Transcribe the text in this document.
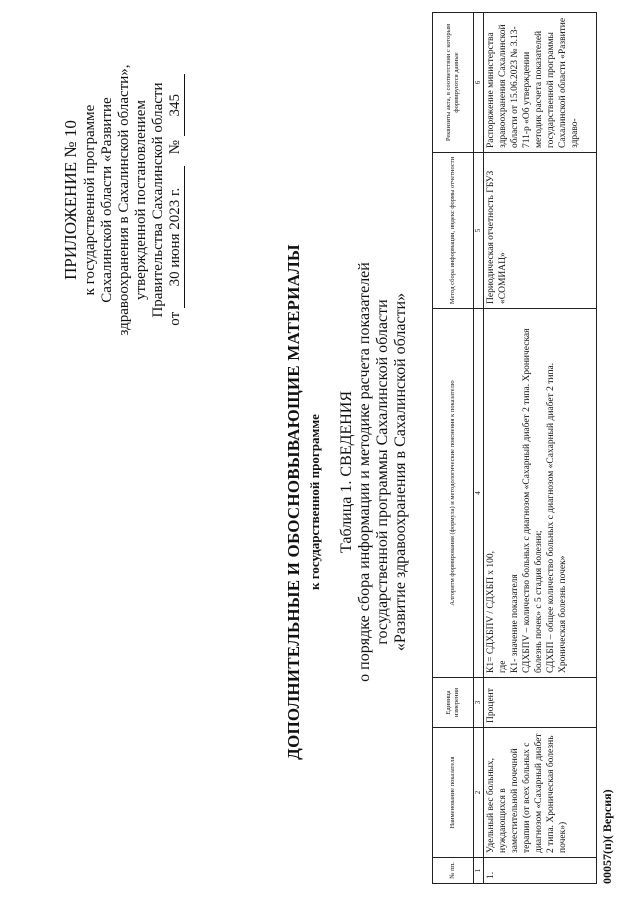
ПРИЛОЖЕНИЕ № 10 к государственной программе Сахалинской области «Развитие здравоохранения в Сахалинской области», утвержденной постановлением Правительства Сахалинской области
от 30 июня 2023 г. № 345
ДОПОЛНИТЕЛЬНЫЕ И ОБОСНОВЫВАЮЩИЕ МАТЕРИАЛЫ к государственной программе Таблица 1. СВЕДЕНИЯ о порядке сбора информации и методике расчета показателей государственной программы Сахалинской области «Развитие здравоохранения в Сахалинской области»
№ пп.	Наименование показателя	Единица измерения	Алгоритм формирования (формула) и методологические пояснения к показателю	Метод сбора информации, индекс формы отчетности	Реквизиты акта, в соответствии с которым формируются данные
1	2	3	4	5	6
1.	Удельный вес больных, нуждающихся в заместительной почечной терапии (от всех больных с диагнозом «Сахарный диабет 2 типа. Хроническая болезнь почек»)	Процент	К1= СДХБПV / СДХБП х 100, где К1- значение показателя СДХБПV – количество больных с диагнозом «Сахарный диабет 2 типа. Хроническая болезнь почек» с 5 стадия болезни; СДХБП – общее количество больных с диагнозом «Сахарный диабет 2 типа. Хроническая болезнь почек»	Периодическая отчетность ГБУЗ «СОМИАЦ»	Распоряжение министерства здравоохранения Сахалинской области от 15.06.2023 № 3.13-711-р «Об утверждении методик расчета показателей государственной программы Сахалинской области «Развитие здраво-
00057(п)( Версия)
